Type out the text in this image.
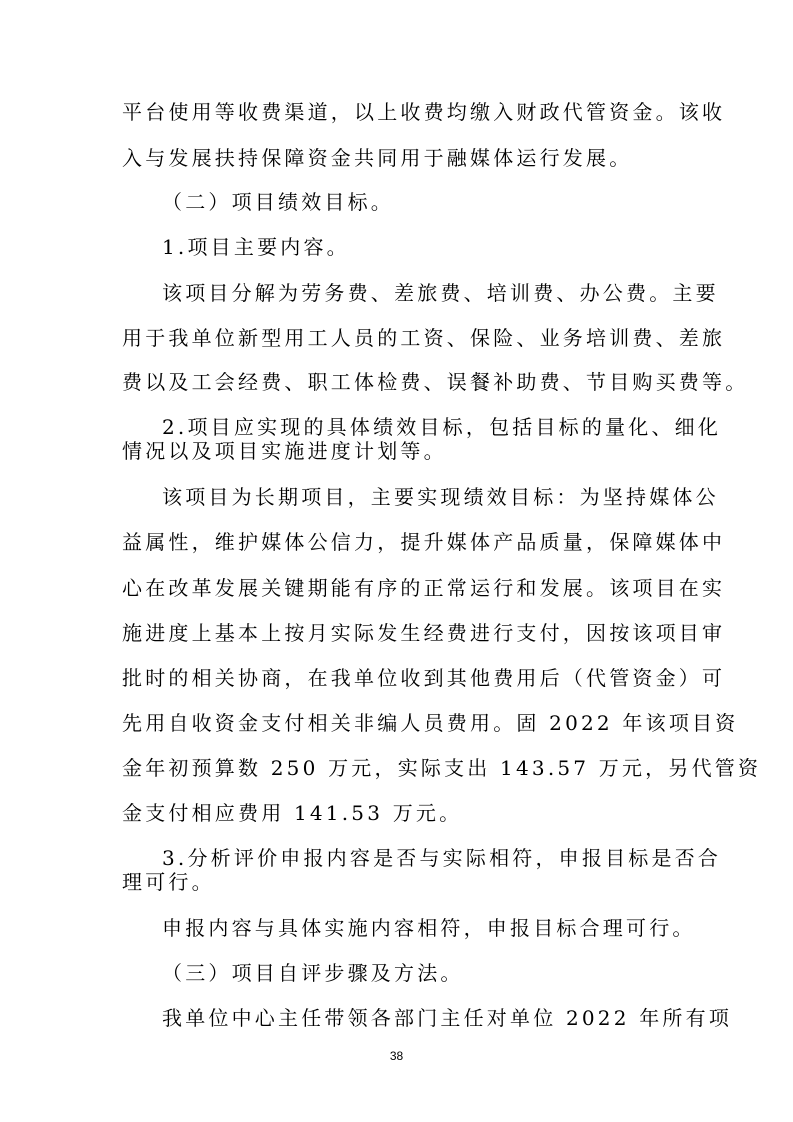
平台使用等收费渠道，以上收费均缴入财政代管资金。该收
入与发展扶持保障资金共同用于融媒体运行发展。
（二）项目绩效目标。
1.项目主要内容。
该项目分解为劳务费、差旅费、培训费、办公费。主要
用于我单位新型用工人员的工资、保险、业务培训费、差旅
费以及工会经费、职工体检费、误餐补助费、节目购买费等。
2.项目应实现的具体绩效目标，包括目标的量化、细化
情况以及项目实施进度计划等。
该项目为长期项目，主要实现绩效目标：为坚持媒体公
益属性，维护媒体公信力，提升媒体产品质量，保障媒体中
心在改革发展关键期能有序的正常运行和发展。该项目在实
施进度上基本上按月实际发生经费进行支付，因按该项目审
批时的相关协商，在我单位收到其他费用后（代管资金）可
先用自收资金支付相关非编人员费用。固 2022 年该项目资
金年初预算数 250 万元，实际支出 143.57 万元，另代管资
金支付相应费用 141.53 万元。
3.分析评价申报内容是否与实际相符，申报目标是否合
理可行。
申报内容与具体实施内容相符，申报目标合理可行。
（三）项目自评步骤及方法。
我单位中心主任带领各部门主任对单位 2022 年所有项
38
